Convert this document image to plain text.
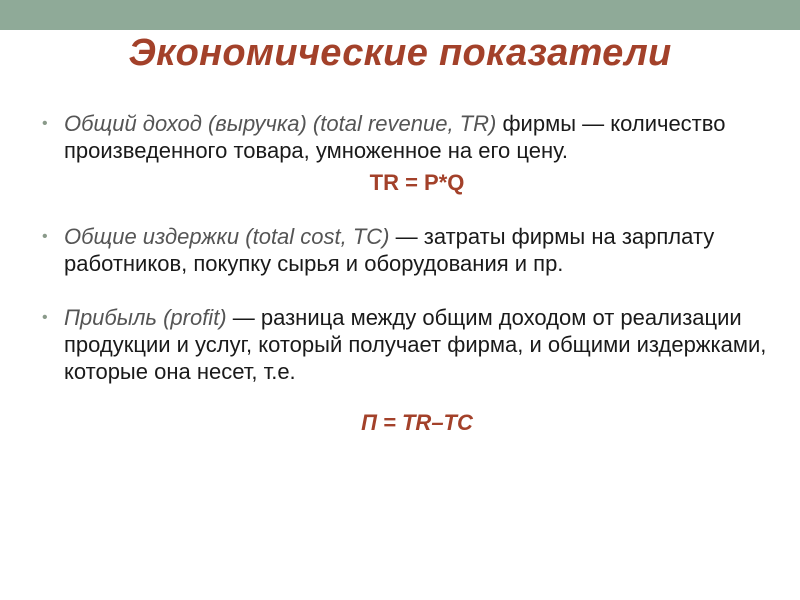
Экономические показатели

• Общий доход (выручка) (total revenue, TR) фирмы — количество произведенного товара, умноженное на его цену.

TR = P*Q

• Общие издержки (total cost, TC) — затраты фирмы на зарплату работников, покупку сырья и оборудования и пр.

• Прибыль (profit) — разница между общим доходом от реализации продукции и услуг, который получает фирма, и общими издержками, которые она несет, т.е.

П = TR–TC
